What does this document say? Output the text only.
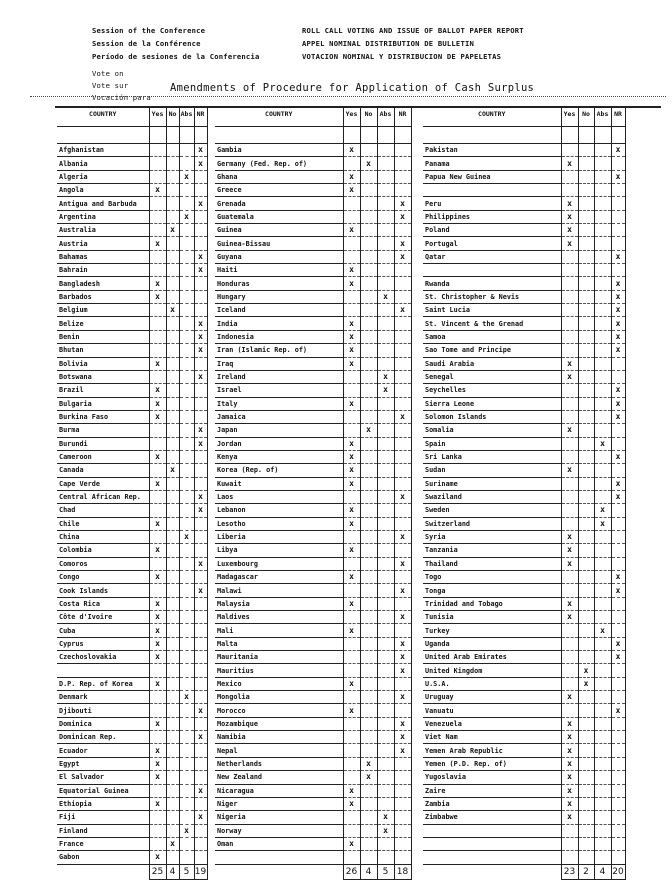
Session of the Conference
Session de la Conférence
Período de sesiones de la Conferencia
ROLL CALL VOTING AND ISSUE OF BALLOT PAPER REPORT
APPEL NOMINAL DISTRIBUTION DE BULLETIN
VOTACION NOMINAL Y DISTRIBUCION DE PAPELETAS
Vote on
Vote sur
Vocación para
Amendments of Procedure for Application of Cash Surplus
COUNTRY	Yes	No	Abs	NR

Afghanistan				x
Albania				x
Algeria			x	
Angola	x			
Antigua and Barbuda				x
Argentina			x	
Australia		x		
Austria	x			
Bahamas				x
Bahrain				x
Bangladesh	x			
Barbados	x			
Belgium		x		
Belize				x
Benin				x
Bhutan				x
Bolivia	x			
Botswana				x
Brazil	x			
Bulgaria	x			
Burkina Faso	x			
Burma				x
Burundi				x
Cameroon	x			
Canada		x		
Cape Verde	x			
Central African Rep.				x
Chad				x
Chile	x			
China			x	
Colombia	x			
Comoros				x
Congo	x			
Cook Islands				x
Costa Rica	x			
Côte d'Ivoire	x			
Cuba	x			
Cyprus	x			
Czechoslovakia	x			

D.P. Rep. of Korea	x			
Denmark			x	
Djibouti				x
Dominica	x			
Dominican Rep.				x
Ecuador	x			
Egypt	x			
El Salvador	x			
Equatorial Guinea				x
Ethiopia	x			
Fiji				x
Finland			x	
France		x		
Gabon	x			
	25	4	5	19
COUNTRY	Yes	No	Abs	NR

Gambia	x			
Germany (Fed. Rep. of)		x		
Ghana	x			
Greece	x			
Grenada				x
Guatemala				x
Guinea	x			
Guinea-Bissau				x
Guyana				x
Haiti	x			
Honduras	x			
Hungary			x	
Iceland				x
India	x			
Indonesia	x			
Iran (Islamic Rep. of)	x			
Iraq	x			
Ireland			x	
Israel			x	
Italy	x			
Jamaica				x
Japan		x		
Jordan	x			
Kenya	x			
Korea (Rep. of)	x			
Kuwait	x			
Laos				x
Lebanon	x			
Lesotho	x			
Liberia				x
Libya	x			
Luxembourg				x
Madagascar	x			
Malawi				x
Malaysia	x			
Maldives				x
Mali	x			
Malta				x
Mauritania				x
Mauritius				x
Mexico	x			
Mongolia				x
Morocco	x			
Mozambique				x
Namibia				x
Nepal				x
Netherlands		x		
New Zealand		x		
Nicaragua	x			
Niger	x			
Nigeria			x	
Norway			x	
Oman	x			

	26	4	5	18
COUNTRY	Yes	No	Abs	NR

Pakistan				x
Panama	x			
Papua New Guinea				x

Peru	x			
Philippines	x			
Poland	x			
Portugal	x			
Qatar				x

Rwanda				x
St. Christopher & Nevis				x
Saint Lucia				x
St. Vincent & the Grenad				x
Samoa				x
Sao Tome and Principe				x
Saudi Arabia	x			
Senegal	x			
Seychelles				x
Sierra Leone				x
Solomon Islands				x
Somalia	x			
Spain			x	
Sri Lanka				x
Sudan	x			
Suriname				x
Swaziland				x
Sweden			x	
Switzerland			x	
Syria	x			
Tanzania	x			
Thailand	x			
Togo				x
Tonga				x
Trinidad and Tobago	x			
Tunisia	x			
Turkey			x	
Uganda				x
United Arab Emirates				x
United Kingdom		x		
U.S.A.		x		
Uruguay	x			
Vanuatu				x
Venezuela	x			
Viet Nam	x			
Yemen Arab Republic	x			
Yemen (P.D. Rep. of)	x			
Yugoslavia	x			
Zaire	x			
Zambia	x			
Zimbabwe	x			

	23	2	4	20
